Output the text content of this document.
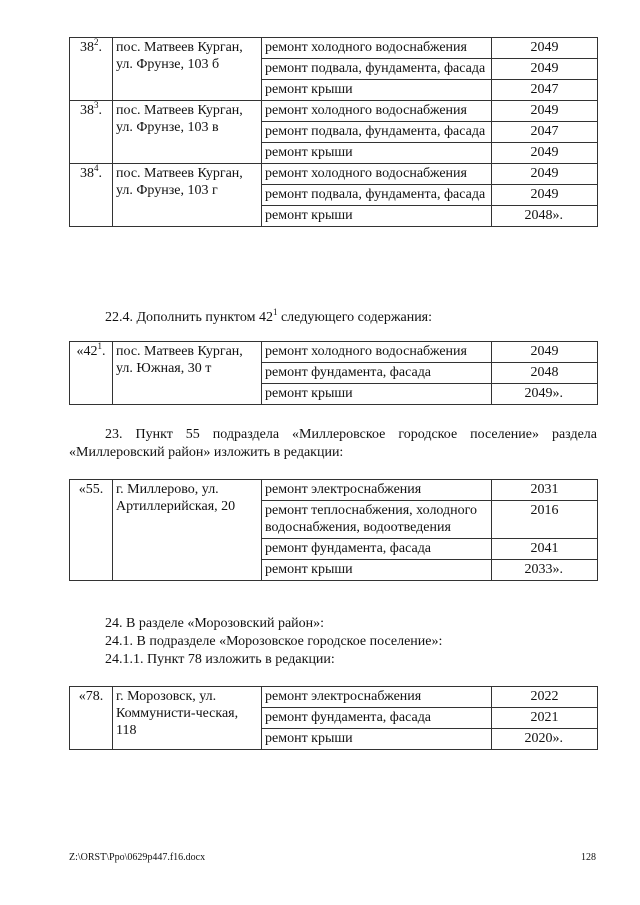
$38^2$.	пос. Матвеев Курган, ул. Фрунзе, 103 б	ремонт холодного водоснабжения	2049
		ремонт подвала, фундамента, фасада	2049
		ремонт крыши	2047
$38^3$.	пос. Матвеев Курган, ул. Фрунзе, 103 в	ремонт холодного водоснабжения	2049
		ремонт подвала, фундамента, фасада	2047
		ремонт крыши	2049
$38^4$.	пос. Матвеев Курган, ул. Фрунзе, 103 г	ремонт холодного водоснабжения	2049
		ремонт подвала, фундамента, фасада	2049
		ремонт крыши	2048».
22.4. Дополнить пунктом $42^1$ следующего содержания:
«$42^1$.	пос. Матвеев Курган, ул. Южная, 30 т	ремонт холодного водоснабжения	2049
		ремонт фундамента, фасада	2048
		ремонт крыши	2049».
23. Пункт 55 подраздела «Миллеровское городское поселение» раздела «Миллеровский район» изложить в редакции:
«55.	г. Миллерово, ул. Артиллерийская, 20	ремонт электроснабжения	2031
		ремонт теплоснабжения, холодного водоснабжения, водоотведения	2016
		ремонт фундамента, фасада	2041
		ремонт крыши	2033».
24. В разделе «Морозовский район»:
24.1. В подразделе «Морозовское городское поселение»:
24.1.1. Пункт 78 изложить в редакции:
«78.	г. Морозовск, ул. Коммунисти-ческая, 118	ремонт электроснабжения	2022
		ремонт фундамента, фасада	2021
		ремонт крыши	2020».
Z:\ORST\Ppo\0629p447.f16.docx	128
